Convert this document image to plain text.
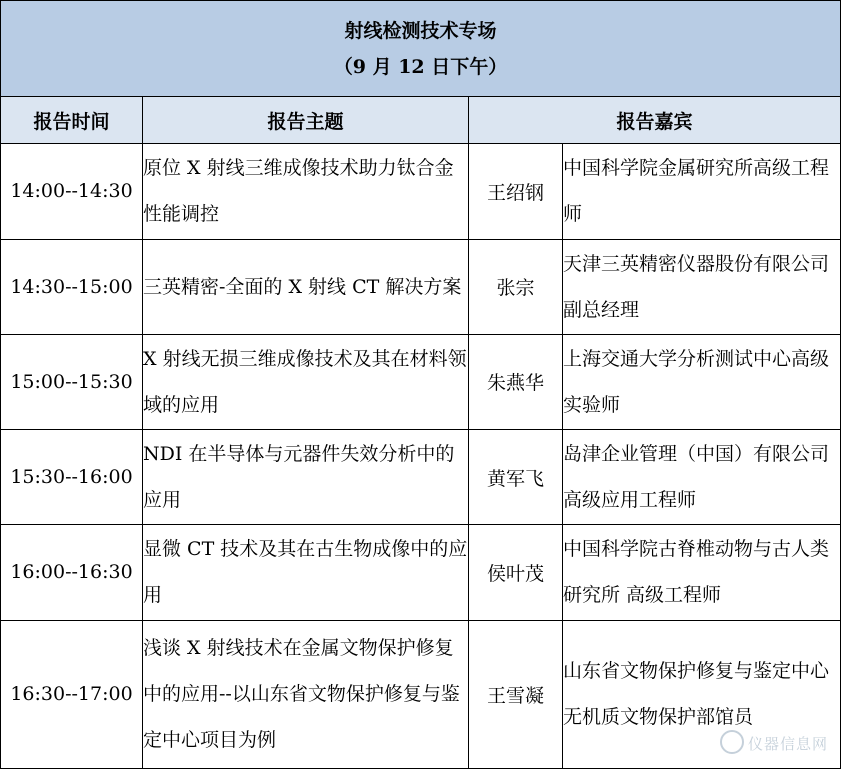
射线检测技术专场
（9 月 12 日下午）			

报告时间	报告主题	报告嘉宾	
14:00--14:30	原位 X 射线三维成像技术助力钛合金性能调控	王绍钢	中国科学院金属研究所高级工程师
14:30--15:00	三英精密-全面的 X 射线 CT 解决方案	张宗	天津三英精密仪器股份有限公司副总经理
15:00--15:30	X 射线无损三维成像技术及其在材料领域的应用	朱燕华	上海交通大学分析测试中心高级实验师
15:30--16:00	NDI 在半导体与元器件失效分析中的应用	黄军飞	岛津企业管理（中国）有限公司高级应用工程师
16:00--16:30	显微 CT 技术及其在古生物成像中的应用	侯叶茂	中国科学院古脊椎动物与古人类研究所 高级工程师
16:30--17:00	浅谈 X 射线技术在金属文物保护修复中的应用--以山东省文物保护修复与鉴定中心项目为例	王雪凝	山东省文物保护修复与鉴定中心无机质文物保护部馆员
仪器信息网
